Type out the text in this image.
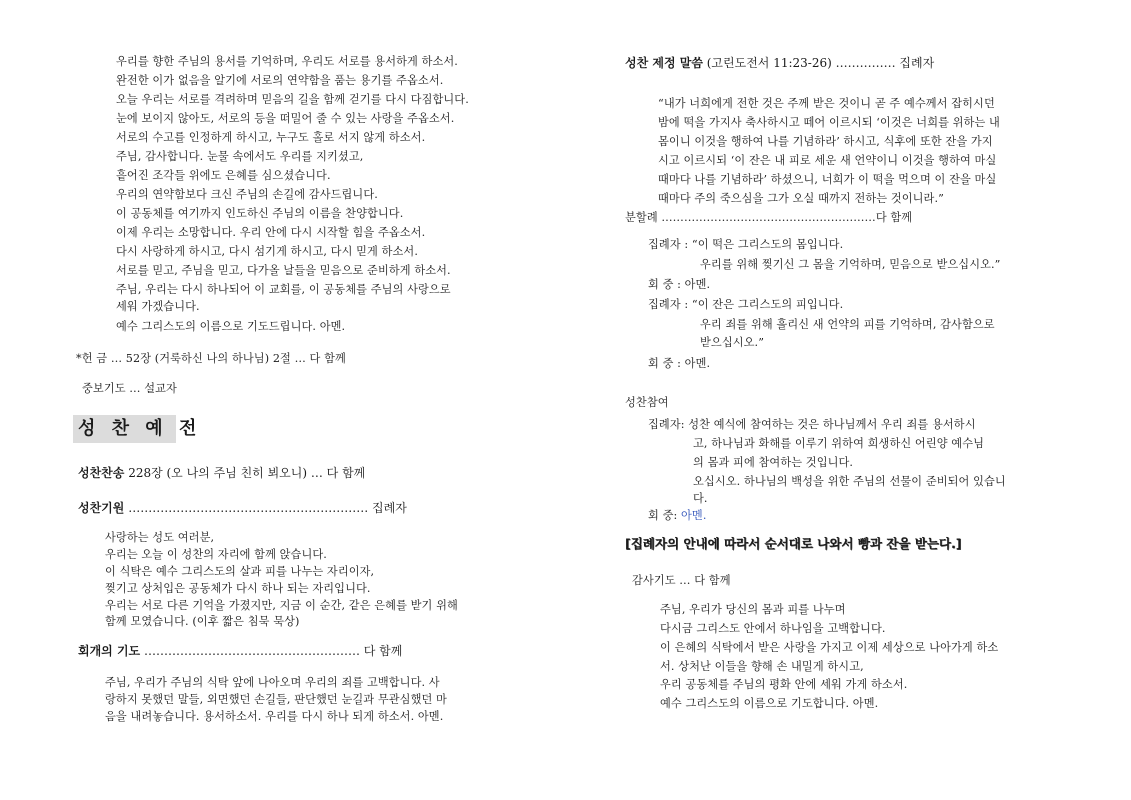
우리를 향한 주님의 용서를 기억하며, 우리도 서로를 용서하게 하소서.
완전한 이가 없음을 알기에 서로의 연약함을 품는 용기를 주옵소서.
오늘 우리는 서로를 격려하며 믿음의 길을 함께 걷기를 다시 다짐합니다.
눈에 보이지 않아도, 서로의 등을 떠밀어 줄 수 있는 사랑을 주옵소서.
서로의 수고를 인정하게 하시고, 누구도 홀로 서지 않게 하소서.
주님, 감사합니다. 눈물 속에서도 우리를 지키셨고,
흩어진 조각들 위에도 은혜를 심으셨습니다.
우리의 연약함보다 크신 주님의 손길에 감사드립니다.
이 공동체를 여기까지 인도하신 주님의 이름을 찬양합니다.
이제 우리는 소망합니다. 우리 안에 다시 시작할 힘을 주옵소서.
다시 사랑하게 하시고, 다시 섬기게 하시고, 다시 믿게 하소서.
서로를 믿고, 주님을 믿고, 다가올 날들을 믿음으로 준비하게 하소서.
주님, 우리는 다시 하나되어 이 교회를, 이 공동체를 주님의 사랑으로
세워 가겠습니다.
예수 그리스도의 이름으로 기도드립니다. 아멘.
*헌 금 … 52장 (거룩하신 나의 하나님) 2절 … 다 함께
중보기도 … 설교자
성 찬 예 전
성찬찬송 228장 (오 나의 주님 친히 뵈오니) … 다 함께
성찬기원 …………………………………………………… 집례자
사랑하는 성도 여러분,
우리는 오늘 이 성찬의 자리에 함께 앉습니다.
이 식탁은 예수 그리스도의 살과 피를 나누는 자리이자,
찢기고 상처입은 공동체가 다시 하나 되는 자리입니다.
우리는 서로 다른 기억을 가졌지만, 지금 이 순간, 같은 은혜를 받기 위해
함께 모였습니다. (이후 짧은 침묵 묵상)
회개의 기도 ……………………………………………… 다 함께
주님, 우리가 주님의 식탁 앞에 나아오며 우리의 죄를 고백합니다. 사
랑하지 못했던 말들, 외면했던 손길들, 판단했던 눈길과 무관심했던 마
음을 내려놓습니다. 용서하소서. 우리를 다시 하나 되게 하소서. 아멘.
성찬 제정 말씀 (고린도전서 11:23-26) …………… 집례자
“내가 너희에게 전한 것은 주께 받은 것이니 곧 주 예수께서 잡히시던
밤에 떡을 가지사 축사하시고 떼어 이르시되 ‘이것은 너희를 위하는 내
몸이니 이것을 행하여 나를 기념하라’ 하시고, 식후에 또한 잔을 가지
시고 이르시되 ‘이 잔은 내 피로 세운 새 언약이니 이것을 행하여 마실
때마다 나를 기념하라’ 하셨으니, 너희가 이 떡을 먹으며 이 잔을 마실
때마다 주의 죽으심을 그가 오실 때까지 전하는 것이니라.”
분할례 …………………………………………………다 함께
집례자 : “이 떡은 그리스도의 몸입니다.
우리를 위해 찢기신 그 몸을 기억하며, 믿음으로 받으십시오.”
회 중 : 아멘.
집례자 : “이 잔은 그리스도의 피입니다.
우리 죄를 위해 흘리신 새 언약의 피를 기억하며, 감사함으로
받으십시오.”
회 중 : 아멘.
성찬참여
집례자: 성찬 예식에 참여하는 것은 하나님께서 우리 죄를 용서하시
고, 하나님과 화해를 이루기 위하여 희생하신 어린양 예수님
의 몸과 피에 참여하는 것입니다.
오십시오. 하나님의 백성을 위한 주님의 선물이 준비되어 있습니
다.
회 중: 아멘.
[집례자의 안내에 따라서 순서대로 나와서 빵과 잔을 받는다.]
감사기도 … 다 함께
주님, 우리가 당신의 몸과 피를 나누며
다시금 그리스도 안에서 하나임을 고백합니다.
이 은혜의 식탁에서 받은 사랑을 가지고 이제 세상으로 나아가게 하소
서. 상처난 이들을 향해 손 내밀게 하시고,
우리 공동체를 주님의 평화 안에 세워 가게 하소서.
예수 그리스도의 이름으로 기도합니다. 아멘.
